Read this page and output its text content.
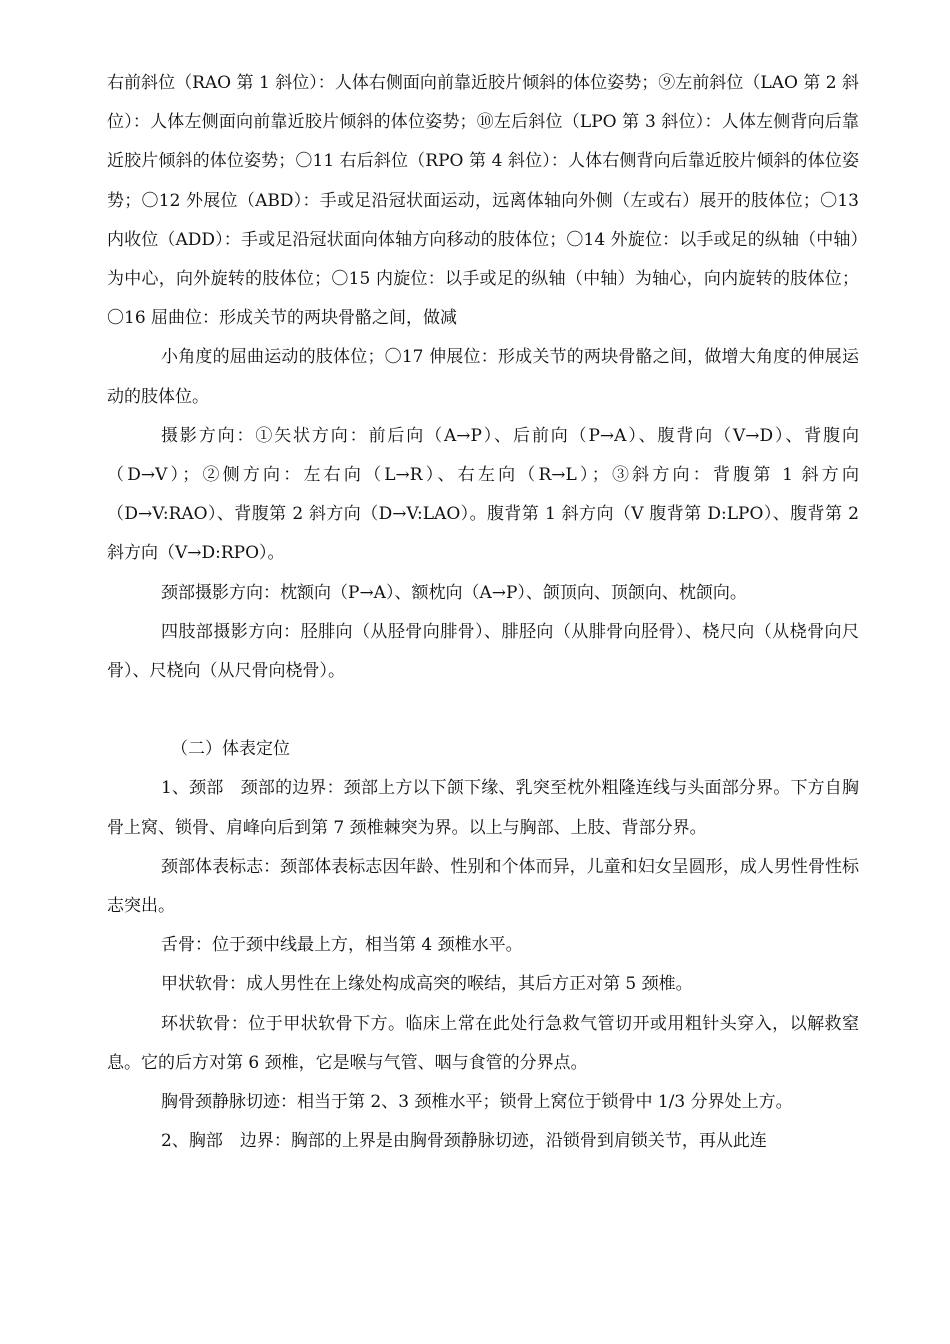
右前斜位（RAO 第 1 斜位）：人体右侧面向前靠近胶片倾斜的体位姿势；⑨左前斜位（LAO 第 2 斜位）：人体左侧面向前靠近胶片倾斜的体位姿势；⑩左后斜位（LPO 第 3 斜位）：人体左侧背向后靠近胶片倾斜的体位姿势；〇11 右后斜位（RPO 第 4 斜位）：人体右侧背向后靠近胶片倾斜的体位姿势；〇12 外展位（ABD）：手或足沿冠状面运动，远离体轴向外侧（左或右）展开的肢体位；〇13 内收位（ADD）：手或足沿冠状面向体轴方向移动的肢体位；〇14 外旋位：以手或足的纵轴（中轴）为中心，向外旋转的肢体位；〇15 内旋位：以手或足的纵轴（中轴）为轴心，向内旋转的肢体位；〇16 屈曲位：形成关节的两块骨骼之间，做减

小角度的屈曲运动的肢体位；〇17 伸展位：形成关节的两块骨骼之间，做增大角度的伸展运动的肢体位。

摄影方向：①矢状方向：前后向（A→P）、后前向（P→A）、腹背向（V→D）、背腹向（D→V）；②侧方向：左右向（L→R）、右左向（R→L）；③斜方向：背腹第 1 斜方向（D→V:RAO）、背腹第 2 斜方向（D→V:LAO）。腹背第 1 斜方向（V 腹背第 D:LPO）、腹背第 2 斜方向（V→D:RPO）。

颈部摄影方向：枕额向（P→A）、额枕向（A→P）、颌顶向、顶颌向、枕颌向。

四肢部摄影方向：胫腓向（从胫骨向腓骨）、腓胫向（从腓骨向胫骨）、桡尺向（从桡骨向尺骨）、尺桡向（从尺骨向桡骨）。

（二）体表定位

1、颈部　颈部的边界：颈部上方以下颌下缘、乳突至枕外粗隆连线与头面部分界。下方自胸骨上窝、锁骨、肩峰向后到第 7 颈椎棘突为界。以上与胸部、上肢、背部分界。

颈部体表标志：颈部体表标志因年龄、性别和个体而异，儿童和妇女呈圆形，成人男性骨性标志突出。

舌骨：位于颈中线最上方，相当第 4 颈椎水平。

甲状软骨：成人男性在上缘处构成高突的喉结，其后方正对第 5 颈椎。

环状软骨：位于甲状软骨下方。临床上常在此处行急救气管切开或用粗针头穿入，以解救窒息。它的后方对第 6 颈椎，它是喉与气管、咽与食管的分界点。

胸骨颈静脉切迹：相当于第 2、3 颈椎水平；锁骨上窝位于锁骨中 1/3 分界处上方。

2、胸部　边界：胸部的上界是由胸骨颈静脉切迹，沿锁骨到肩锁关节，再从此连
